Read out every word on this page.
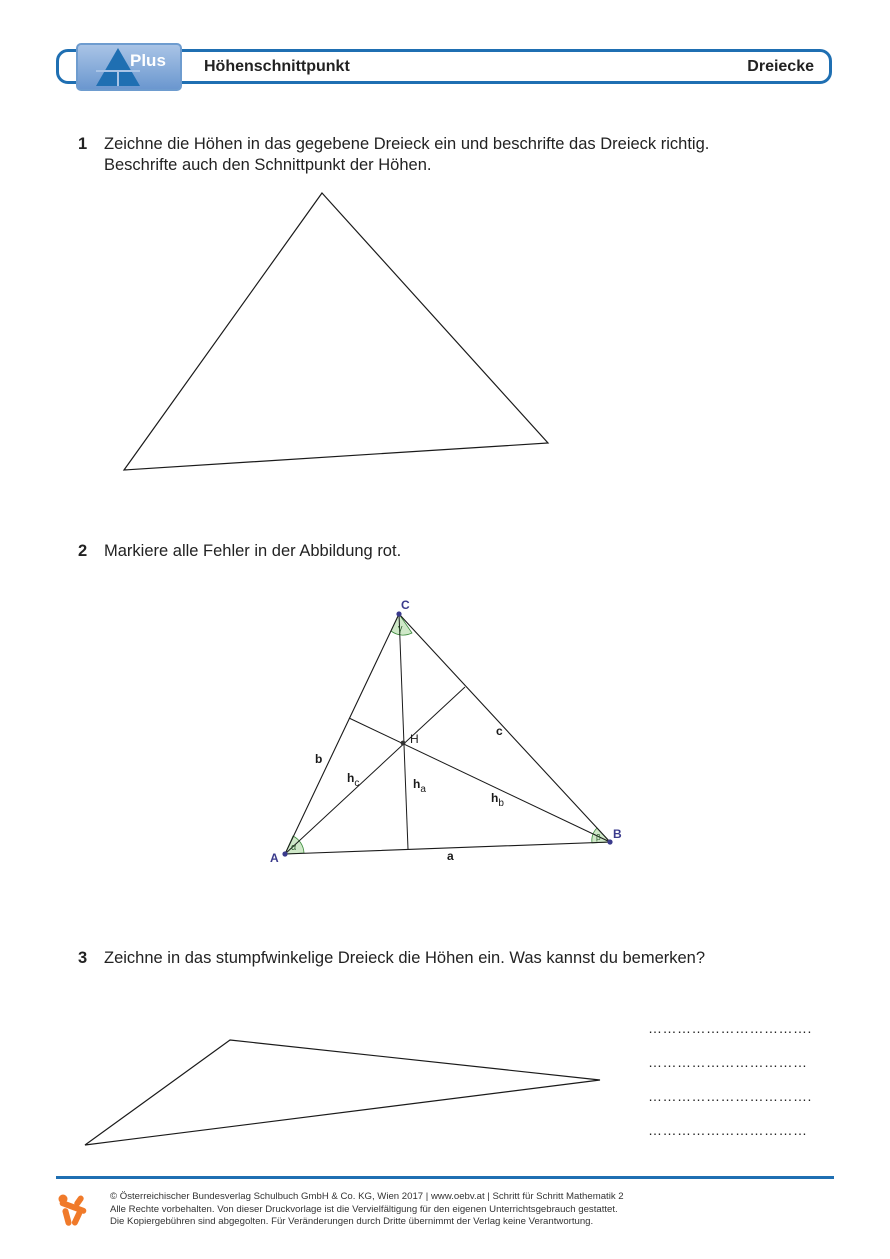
Plus Höhenschnittpunkt	Dreiecke
1 Zeichne die Höhen in das gegebene Dreieck ein und beschrifte das Dreieck richtig.
Beschrifte auch den Schnittpunkt der Höhen.
2 Markiere alle Fehler in der Abbildung rot.
3 Zeichne in das stumpfwinkelige Dreieck die Höhen ein. Was kannst du bemerken?
A
B
C
γ
α
β
a
b
c
H
$h_c$	$h_a$
$h_b$
…………………………….
……………………………
…………………………….
……………………………
© Österreichischer Bundesverlag Schulbuch GmbH & Co. KG, Wien 2017 | www.oebv.at | Schritt für Schritt Mathematik 2
Alle Rechte vorbehalten. Von dieser Druckvorlage ist die Vervielfältigung für den eigenen Unterrichtsgebrauch gestattet.
Die Kopiergebühren sind abgegolten. Für Veränderungen durch Dritte übernimmt der Verlag keine Verantwortung.
